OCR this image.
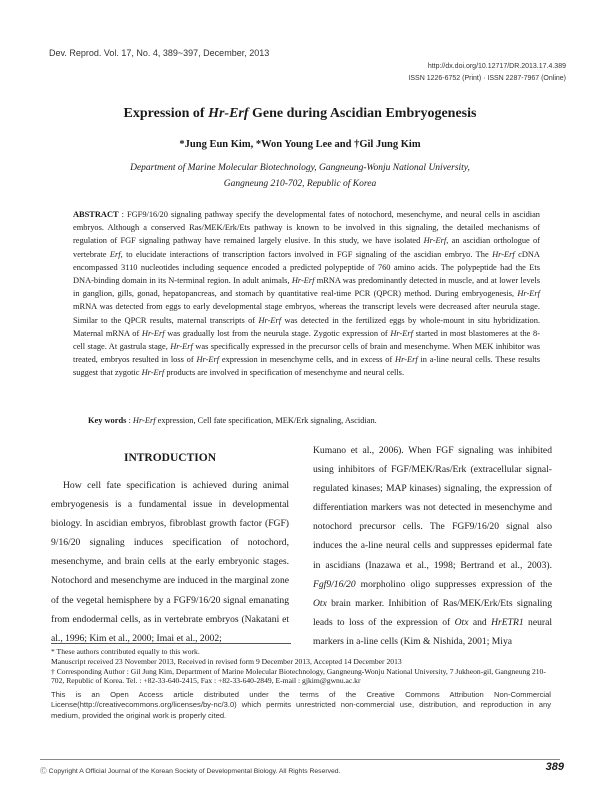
Dev. Reprod. Vol. 17, No. 4, 389~397, December, 2013
http://dx.doi.org/10.12717/DR.2013.17.4.389
ISSN 1226-6752 (Print) · ISSN 2287-7967 (Online)
Expression of Hr-Erf Gene during Ascidian Embryogenesis
*Jung Eun Kim, *Won Young Lee and †Gil Jung Kim
Department of Marine Molecular Biotechnology, Gangneung-Wonju National University,
Gangneung 210-702, Republic of Korea
ABSTRACT : FGF9/16/20 signaling pathway specify the developmental fates of notochord, mesenchyme, and neural cells in ascidian embryos. Although a conserved Ras/MEK/Erk/Ets pathway is known to be involved in this signaling, the detailed mechanisms of regulation of FGF signaling pathway have remained largely elusive. In this study, we have isolated Hr-Erf, an ascidian orthologue of vertebrate Erf, to elucidate interactions of transcription factors involved in FGF signaling of the ascidian embryo. The Hr-Erf cDNA encompassed 3110 nucleotides including sequence encoded a predicted polypeptide of 760 amino acids. The polypeptide had the Ets DNA-binding domain in its N-terminal region. In adult animals, Hr-Erf mRNA was predominantly detected in muscle, and at lower levels in ganglion, gills, gonad, hepatopancreas, and stomach by quantitative real-time PCR (QPCR) method. During embryogenesis, Hr-Erf mRNA was detected from eggs to early developmental stage embryos, whereas the transcript levels were decreased after neurula stage. Similar to the QPCR results, maternal transcripts of Hr-Erf was detected in the fertilized eggs by whole-mount in situ hybridization. Maternal mRNA of Hr-Erf was gradually lost from the neurula stage. Zygotic expression of Hr-Erf started in most blastomeres at the 8-cell stage. At gastrula stage, Hr-Erf was specifically expressed in the precursor cells of brain and mesenchyme. When MEK inhibitor was treated, embryos resulted in loss of Hr-Erf expression in mesenchyme cells, and in excess of Hr-Erf in a-line neural cells. These results suggest that zygotic Hr-Erf products are involved in specification of mesenchyme and neural cells.
Key words : Hr-Erf expression, Cell fate specification, MEK/Erk signaling, Ascidian.
INTRODUCTION
How cell fate specification is achieved during animal embryogenesis is a fundamental issue in developmental biology. In ascidian embryos, fibroblast growth factor (FGF) 9/16/20 signaling induces specification of notochord, mesenchyme, and brain cells at the early embryonic stages. Notochord and mesenchyme are induced in the marginal zone of the vegetal hemisphere by a FGF9/16/20 signal emanating from endodermal cells, as in vertebrate embryos (Nakatani et al., 1996; Kim et al., 2000; Imai et al., 2002;
Kumano et al., 2006). When FGF signaling was inhibited using inhibitors of FGF/MEK/Ras/Erk (extracellular signal-regulated kinases; MAP kinases) signaling, the expression of differentiation markers was not detected in mesenchyme and notochord precursor cells. The FGF9/16/20 signal also induces the a-line neural cells and suppresses epidermal fate in ascidians (Inazawa et al., 1998; Bertrand et al., 2003). Fgf9/16/20 morpholino oligo suppresses expression of the Otx brain marker. Inhibition of Ras/MEK/Erk/Ets signaling leads to loss of the expression of Otx and HrETR1 neural markers in a-line cells (Kim & Nishida, 2001; Miya
* These authors contributed equally to this work.
Manuscript received 23 November 2013, Received in revised form 9 December 2013, Accepted 14 December 2013
† Corresponding Author : Gil Jung Kim, Department of Marine Molecular Biotechnology, Gangneung-Wonju National University, 7 Jukheon-gil, Gangneung 210-702, Republic of Korea. Tel. : +82-33-640-2415, Fax : +82-33-640-2849, E-mail : gjkim@gwnu.ac.kr
This is an Open Access article distributed under the terms of the Creative Commons Attribution Non-Commercial License(http://creativecommons.org/licenses/by-nc/3.0) which permits unrestricted non-commercial use, distribution, and reproduction in any medium, provided the original work is properly cited.
Ⓒ Copyright A Official Journal of the Korean Society of Developmental Biology. All Rights Reserved.	389
